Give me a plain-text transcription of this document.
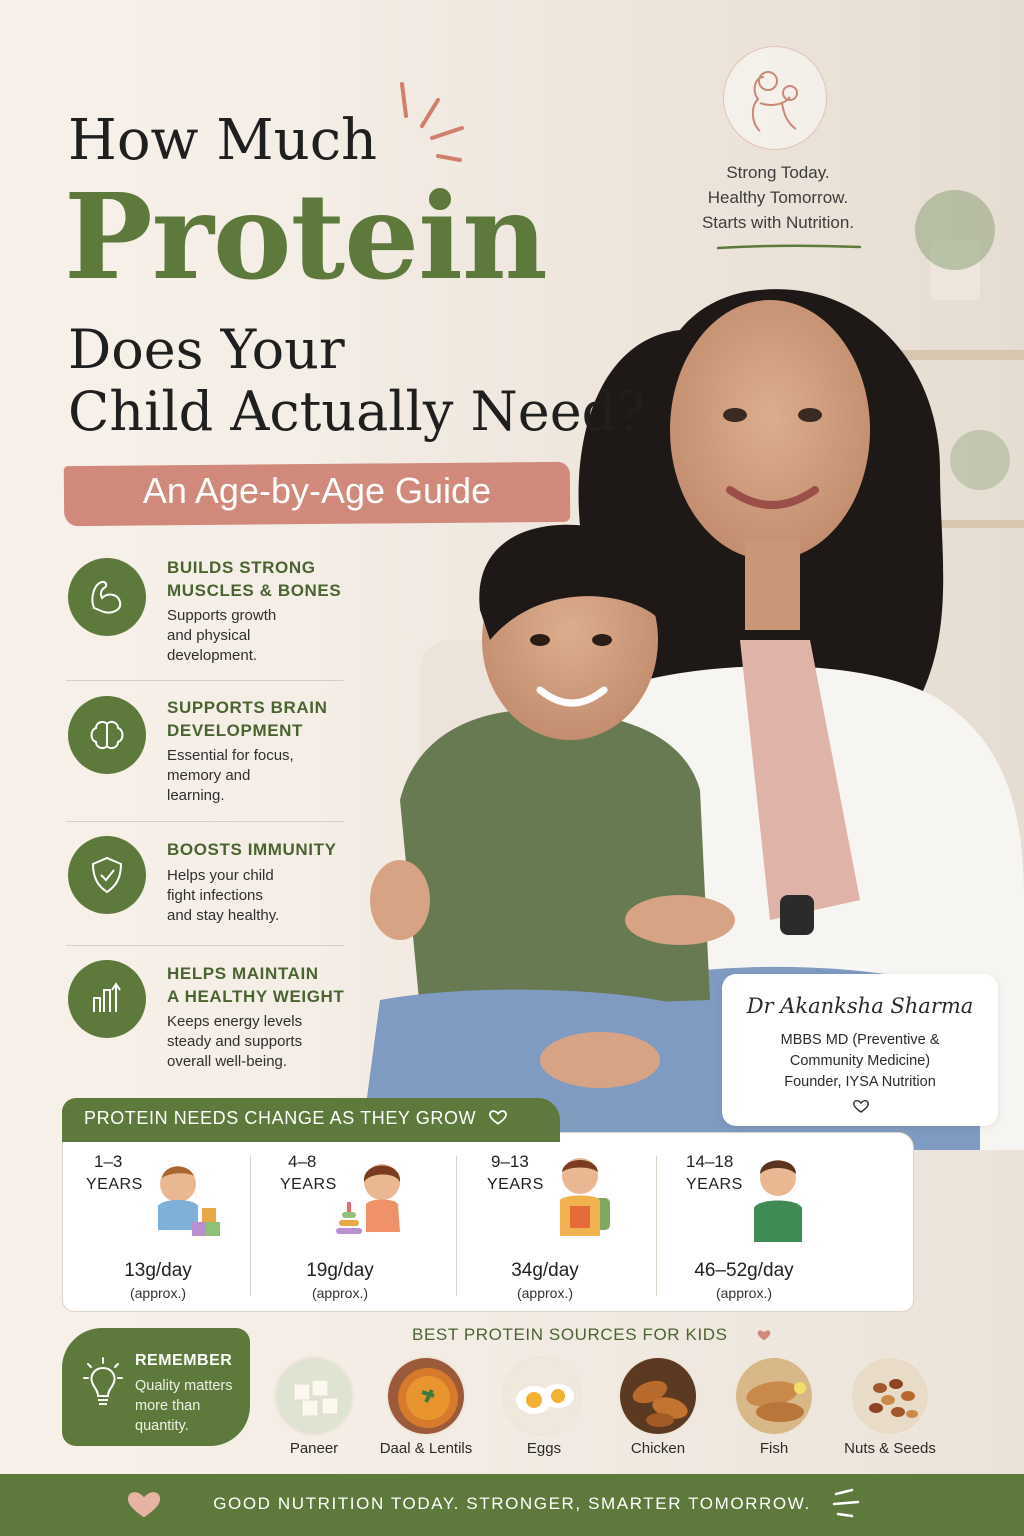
How Much
Protein
Does Your
Child Actually Need?
An Age-by-Age Guide
Strong Today.
Healthy Tomorrow.
Starts with Nutrition.
BUILDS STRONG
MUSCLES & BONES
Supports growth
and physical
development.
SUPPORTS BRAIN
DEVELOPMENT
Essential for focus,
memory and
learning.
BOOSTS IMMUNITY
Helps your child
fight infections
and stay healthy.
HELPS MAINTAIN
A HEALTHY WEIGHT
Keeps energy levels
steady and supports
overall well-being.
Dr Akanksha Sharma
MBBS MD (Preventive &
Community Medicine)
Founder, IYSA Nutrition
PROTEIN NEEDS CHANGE AS THEY GROW
1–3
YEARS
13g/day
(approx.)
4–8
YEARS
19g/day
(approx.)
9–13
YEARS
34g/day
(approx.)
14–18
YEARS
46–52g/day
(approx.)
REMEMBER
Quality matters
more than
quantity.
BEST PROTEIN SOURCES FOR KIDS
Paneer	Daal & Lentils	Eggs	Chicken	Fish	Nuts & Seeds
GOOD NUTRITION TODAY. STRONGER, SMARTER TOMORROW.
